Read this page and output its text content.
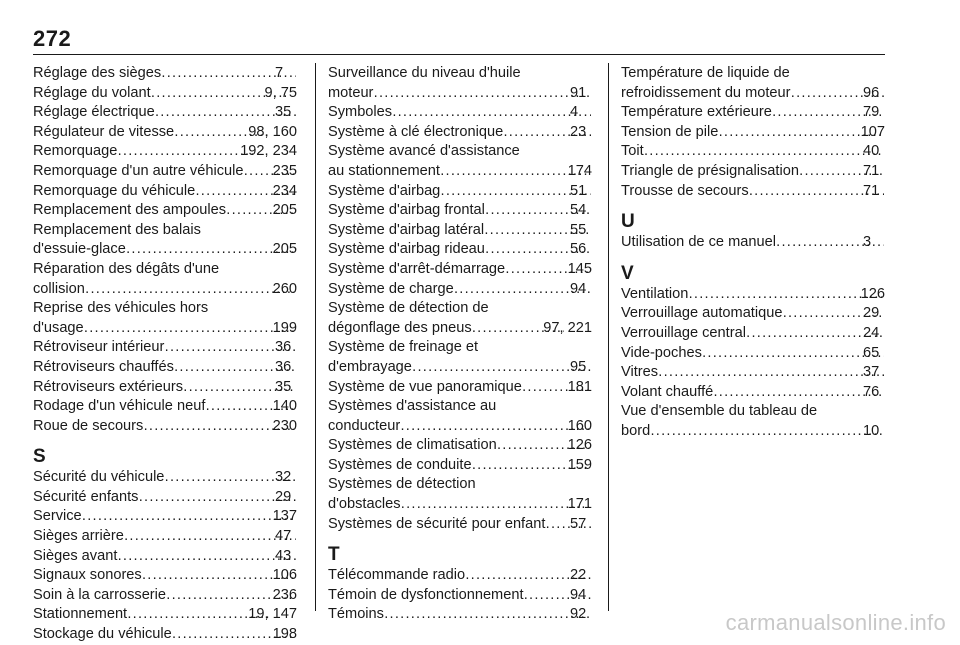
272
Réglage des sièges . . .	7
Réglage du volant . . .	9, 75
Réglage électrique . . .	35
Régulateur de vitesse . . .	98, 160
Remorquage . . .	192, 234
Remorquage d'un autre véhicule . . . 235
Remorquage du véhicule . . .	234
Remplacement des ampoules . . .	205
Remplacement des balais
d'essuie-glace . . .	205
Réparation des dégâts d'une
collision . . .	260
Reprise des véhicules hors
d'usage . . .	199
Rétroviseur intérieur . . .	36
Rétroviseurs chauffés . . .	36
Rétroviseurs extérieurs . . .	35
Rodage d'un véhicule neuf . . .	140
Roue de secours . . .	230
S
Sécurité du véhicule . . .	32
Sécurité enfants . . .	29
Service . . .	137
Sièges arrière . . .	47
Sièges avant . . .	43
Signaux sonores . . .	106
Soin à la carrosserie . . .	236
Stationnement . . .	19, 147
Stockage du véhicule . . .	198
Surveillance du niveau d'huile
moteur . . .	91
Symboles . . .	4
Système à clé électronique . . .	23
Système avancé d'assistance
au stationnement . . .	174
Système d'airbag . . .	51
Système d'airbag frontal . . .	54
Système d'airbag latéral . . .	55
Système d'airbag rideau . . .	56
Système d'arrêt-démarrage . . .	145
Système de charge . . .	94
Système de détection de
dégonflage des pneus . . .	97, 221
Système de freinage et
d'embrayage . . .	95
Système de vue panoramique . . .	181
Systèmes d'assistance au
conducteur . . .	160
Systèmes de climatisation . . .	126
Systèmes de conduite . . .	159
Systèmes de détection
d'obstacles . . .	171
Systèmes de sécurité pour enfant . . . 57
T
Télécommande radio . . .	22
Témoin de dysfonctionnement . . .	94
Témoins . . .	92
Température de liquide de
refroidissement du moteur . . .	96
Température extérieure . . .	79
Tension de pile . . .	107
Toit . . .	40
Triangle de présignalisation . . .	71
Trousse de secours . . .	71
U
Utilisation de ce manuel . . .	3
V
Ventilation . . .	126
Verrouillage automatique . . .	29
Verrouillage central . . .	24
Vide-poches . . .	65
Vitres . . .	37
Volant chauffé . . .	76
Vue d'ensemble du tableau de
bord . . .	10
carmanualsonline.info
